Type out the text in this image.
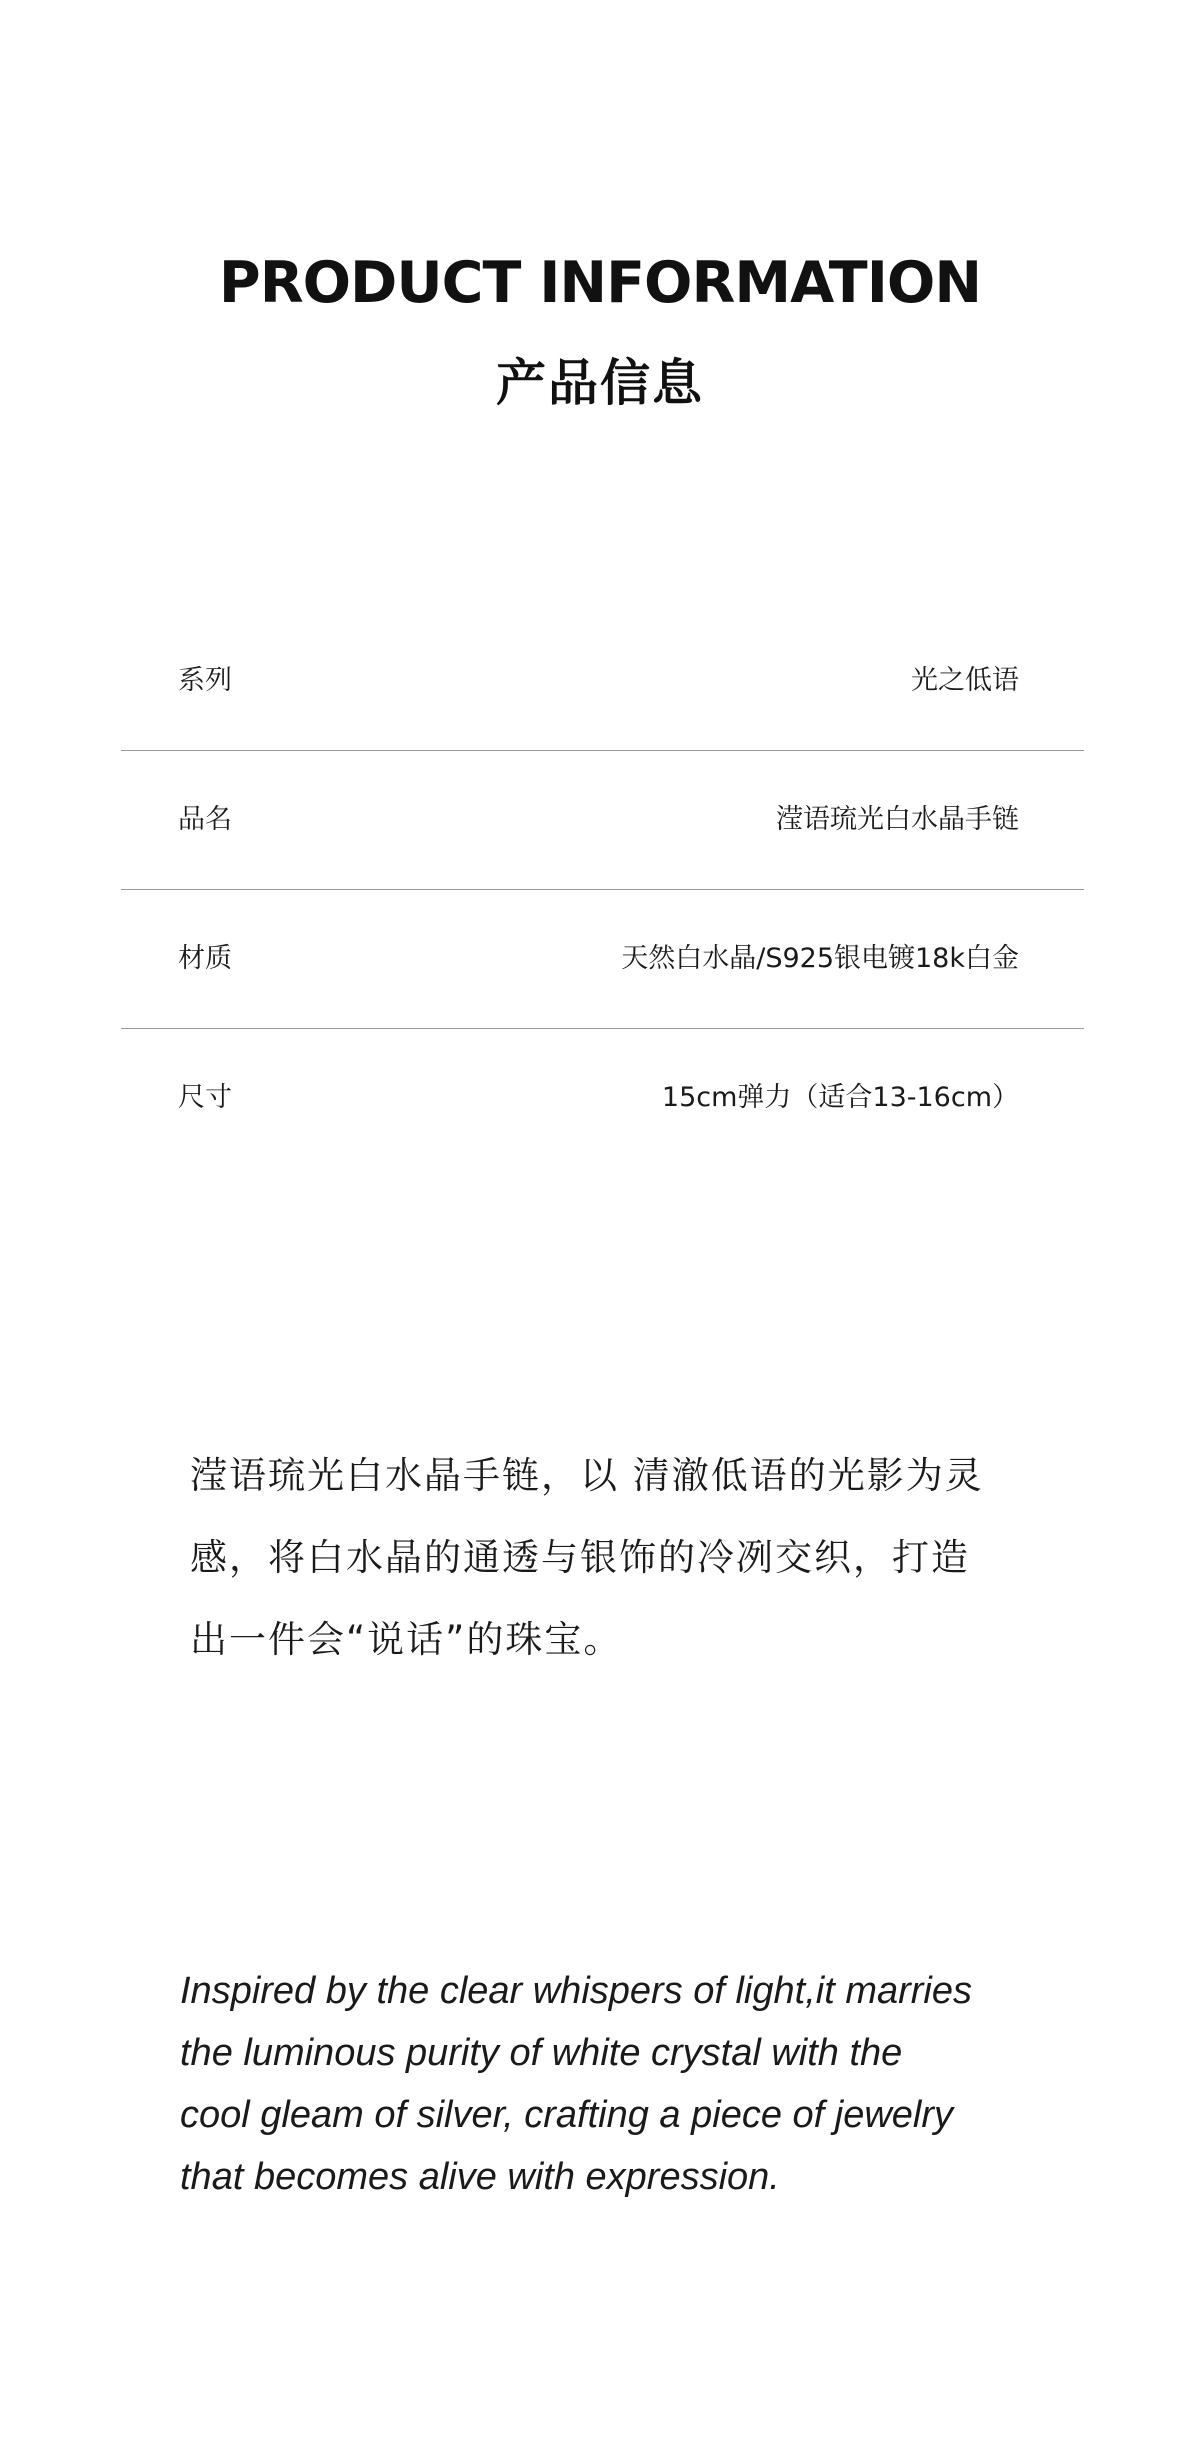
PRODUCT INFORMATION
产品信息
系列	光之低语
品名	滢语琉光白水晶手链
材质	天然白水晶/S925银电镀18k白金
尺寸	15cm弹力（适合13-16cm）
滢语琉光白水晶手链，以 清澈低语的光影为灵
感，将白水晶的通透与银饰的冷冽交织，打造
出一件会“说话”的珠宝。
Inspired by the clear whispers of light,it marries
the luminous purity of white crystal with the
cool gleam of silver, crafting a piece of jewelry
that becomes alive with expression.
